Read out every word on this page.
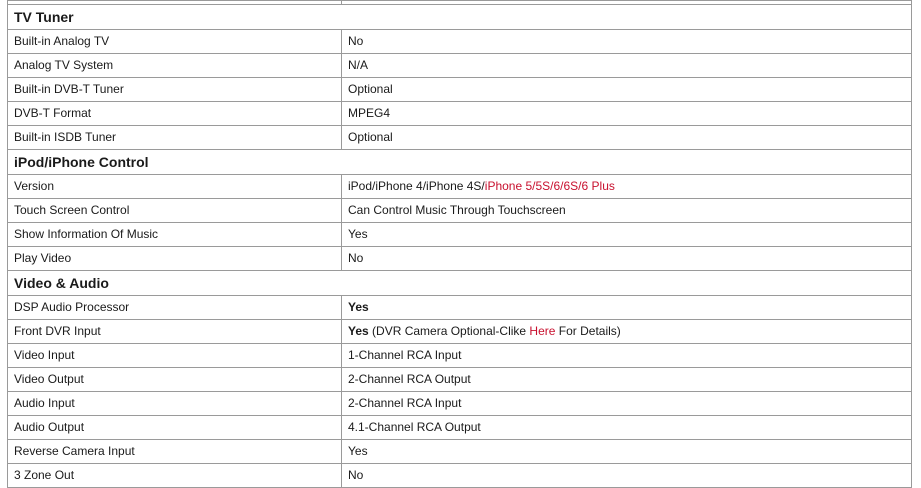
TV Tuner	
Built-in Analog TV	No
Analog TV System	N/A
Built-in DVB-T Tuner	Optional
DVB-T Format	MPEG4
Built-in ISDB Tuner	Optional
iPod/iPhone Control	
Version	iPod/iPhone 4/iPhone 4S/iPhone 5/5S/6/6S/6 Plus
Touch Screen Control	Can Control Music Through Touchscreen
Show Information Of Music	Yes
Play Video	No
Video & Audio	
DSP Audio Processor	Yes
Front DVR Input	Yes (DVR Camera Optional-Clike Here For Details)
Video Input	1-Channel RCA Input
Video Output	2-Channel RCA Output
Audio Input	2-Channel RCA Input
Audio Output	4.1-Channel RCA Output
Reverse Camera Input	Yes
3 Zone Out	No
